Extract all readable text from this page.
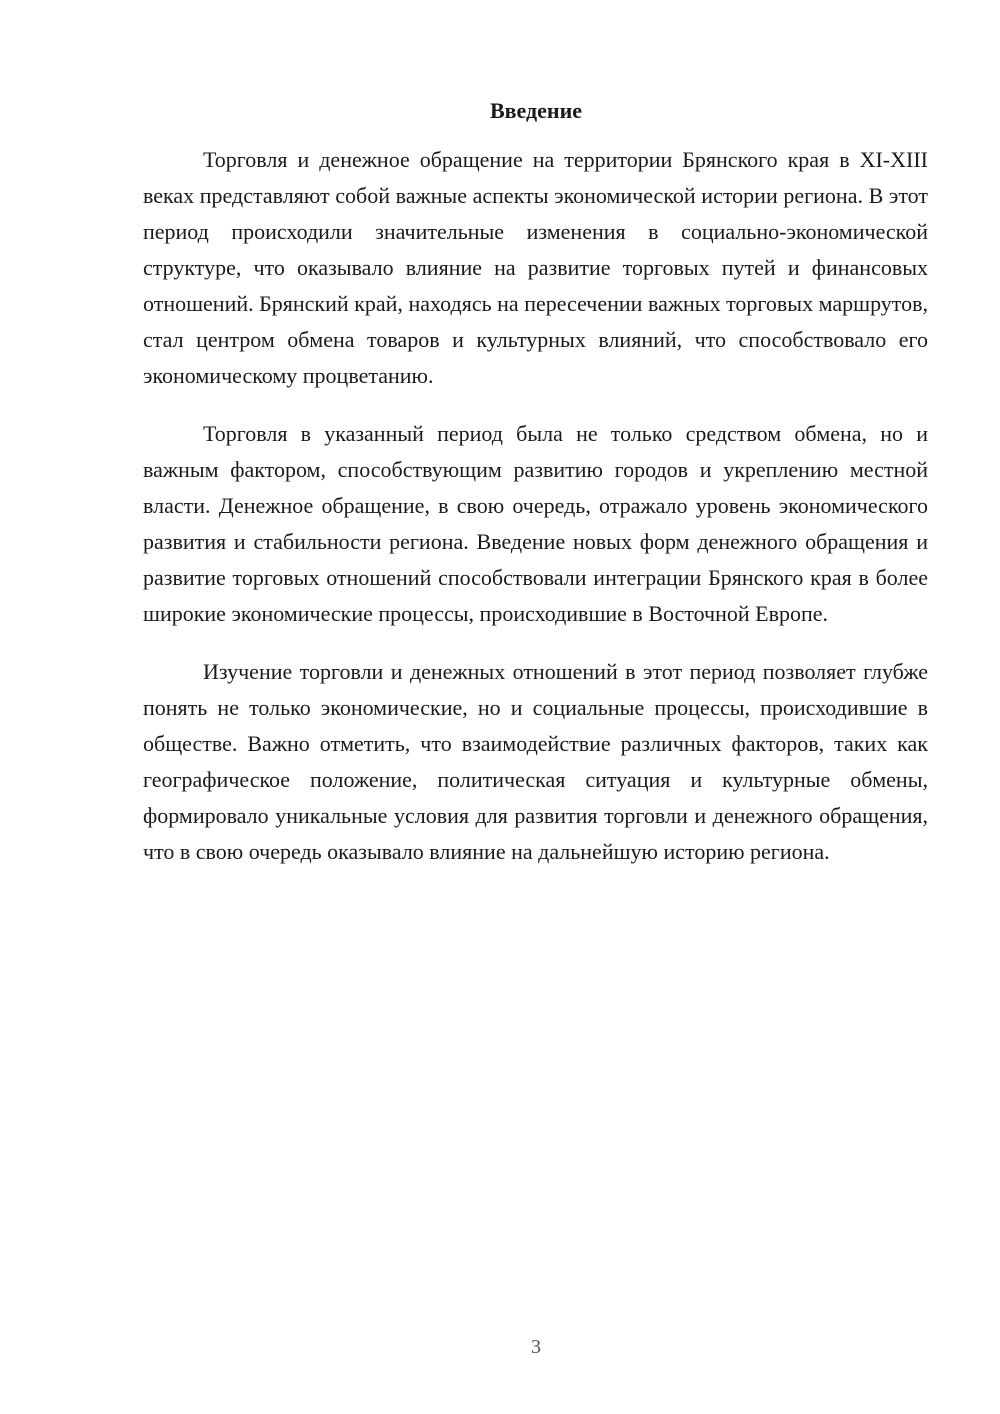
Введение

Торговля и денежное обращение на территории Брянского края в XI-XIII веках представляют собой важные аспекты экономической истории региона. В этот период происходили значительные изменения в социально-экономической структуре, что оказывало влияние на развитие торговых путей и финансовых отношений. Брянский край, находясь на пересечении важных торговых маршрутов, стал центром обмена товаров и культурных влияний, что способствовало его экономическому процветанию.

Торговля в указанный период была не только средством обмена, но и важным фактором, способствующим развитию городов и укреплению местной власти. Денежное обращение, в свою очередь, отражало уровень экономического развития и стабильности региона. Введение новых форм денежного обращения и развитие торговых отношений способствовали интеграции Брянского края в более широкие экономические процессы, происходившие в Восточной Европе.

Изучение торговли и денежных отношений в этот период позволяет глубже понять не только экономические, но и социальные процессы, происходившие в обществе. Важно отметить, что взаимодействие различных факторов, таких как географическое положение, политическая ситуация и культурные обмены, формировало уникальные условия для развития торговли и денежного обращения, что в свою очередь оказывало влияние на дальнейшую историю региона.

3
